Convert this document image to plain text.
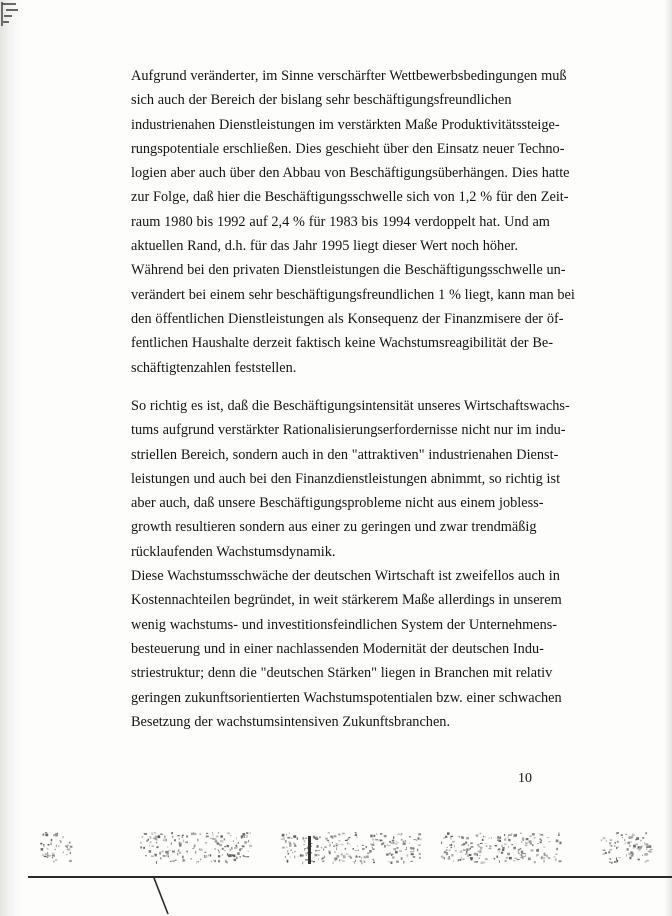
Aufgrund veränderter, im Sinne verschärfter Wettbewerbsbedingungen muß
sich auch der Bereich der bislang sehr beschäftigungsfreundlichen
industrienahen Dienstleistungen im verstärkten Maße Produktivitätssteige-
rungspotentiale erschließen. Dies geschieht über den Einsatz neuer Techno-
logien aber auch über den Abbau von Beschäftigungsüberhängen. Dies hatte
zur Folge, daß hier die Beschäftigungsschwelle sich von 1,2 % für den Zeit-
raum 1980 bis 1992 auf 2,4 % für 1983 bis 1994 verdoppelt hat. Und am
aktuellen Rand, d.h. für das Jahr 1995 liegt dieser Wert noch höher.
Während bei den privaten Dienstleistungen die Beschäftigungsschwelle un-
verändert bei einem sehr beschäftigungsfreundlichen 1 % liegt, kann man bei
den öffentlichen Dienstleistungen als Konsequenz der Finanzmisere der öf-
fentlichen Haushalte derzeit faktisch keine Wachstumsreagibilität der Be-
schäftigtenzahlen feststellen.
So richtig es ist, daß die Beschäftigungsintensität unseres Wirtschaftswachs-
tums aufgrund verstärkter Rationalisierungserfordernisse nicht nur im indu-
striellen Bereich, sondern auch in den "attraktiven" industrienahen Dienst-
leistungen und auch bei den Finanzdienstleistungen abnimmt, so richtig ist
aber auch, daß unsere Beschäftigungsprobleme nicht aus einem jobless-
growth resultieren sondern aus einer zu geringen und zwar trendmäßig
rücklaufenden Wachstumsdynamik.
Diese Wachstumsschwäche der deutschen Wirtschaft ist zweifellos auch in
Kostennachteilen begründet, in weit stärkerem Maße allerdings in unserem
wenig wachstums- und investitionsfeindlichen System der Unternehmens-
besteuerung und in einer nachlassenden Modernität der deutschen Indu-
striestruktur; denn die "deutschen Stärken" liegen in Branchen mit relativ
geringen zukunftsorientierten Wachstumspotentialen bzw. einer schwachen
Besetzung der wachstumsintensiven Zukunftsbranchen.
10
